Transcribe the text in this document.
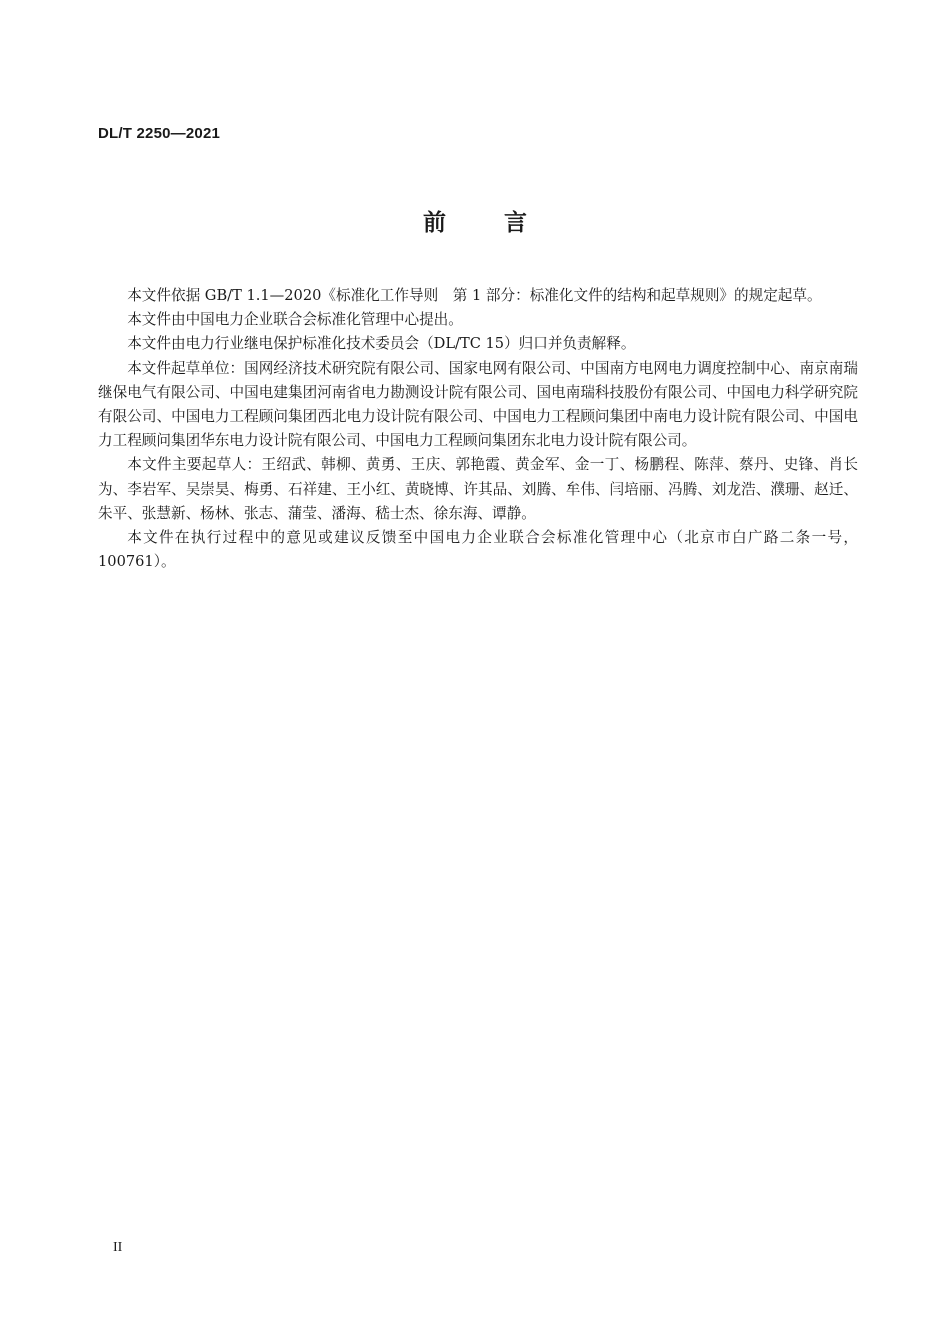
DL/T 2250—2021
前言

本文件依据 GB/T 1.1—2020《标准化工作导则　第 1 部分：标准化文件的结构和起草规则》的规定起草。

本文件由中国电力企业联合会标准化管理中心提出。

本文件由电力行业继电保护标准化技术委员会（DL/TC 15）归口并负责解释。

本文件起草单位：国网经济技术研究院有限公司、国家电网有限公司、中国南方电网电力调度控制中心、南京南瑞继保电气有限公司、中国电建集团河南省电力勘测设计院有限公司、国电南瑞科技股份有限公司、中国电力科学研究院有限公司、中国电力工程顾问集团西北电力设计院有限公司、中国电力工程顾问集团中南电力设计院有限公司、中国电力工程顾问集团华东电力设计院有限公司、中国电力工程顾问集团东北电力设计院有限公司。

本文件主要起草人：王绍武、韩柳、黄勇、王庆、郭艳霞、黄金军、金一丁、杨鹏程、陈萍、蔡丹、史锋、肖长为、李岩军、吴崇昊、梅勇、石祥建、王小红、黄晓博、许其品、刘腾、牟伟、闫培丽、冯腾、刘龙浩、濮珊、赵迁、朱平、张慧新、杨林、张志、蒲莹、潘海、嵇士杰、徐东海、谭静。

本文件在执行过程中的意见或建议反馈至中国电力企业联合会标准化管理中心（北京市白广路二条一号，100761）。

II
